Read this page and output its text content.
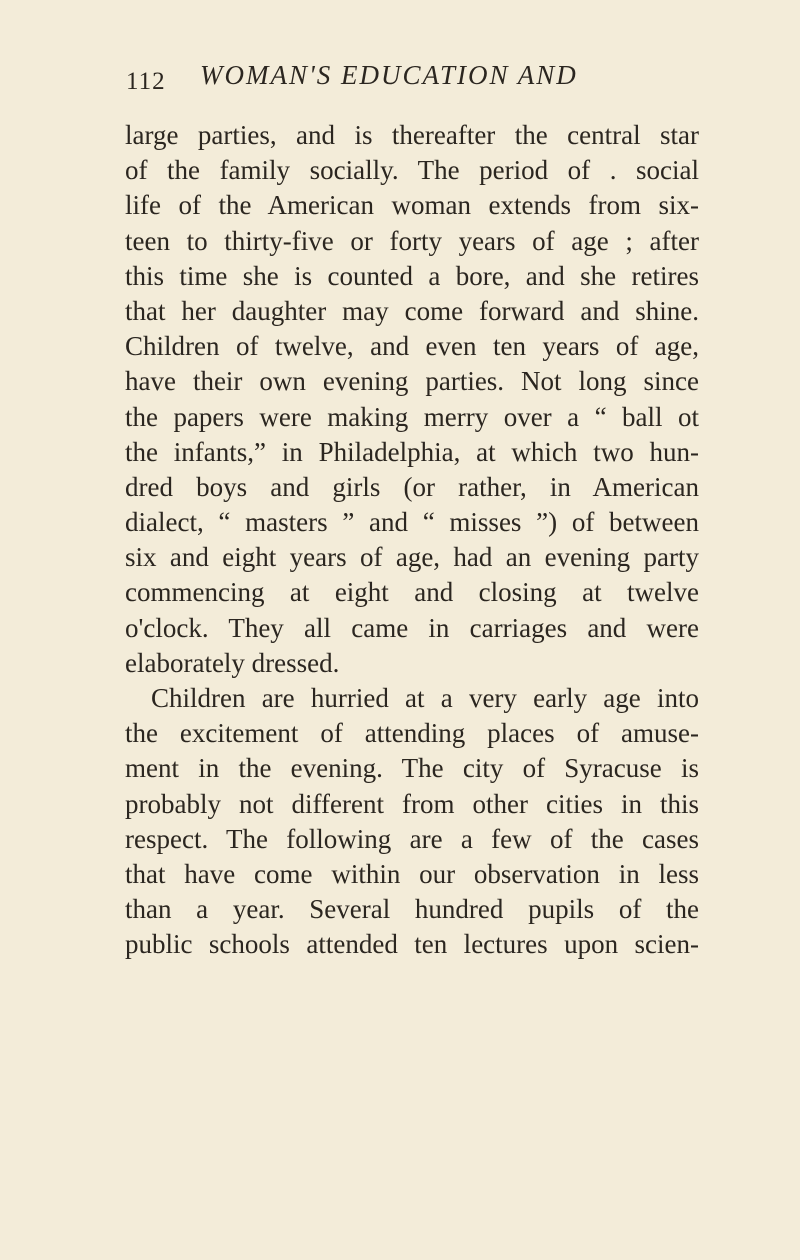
112 WOMAN'S EDUCATION AND
large parties, and is thereafter the central star
of the family socially. The period of . social
life of the American woman extends from six-
teen to thirty-five or forty years of age ; after
this time she is counted a bore, and she retires
that her daughter may come forward and shine.
Children of twelve, and even ten years of age,
have their own evening parties. Not long since
the papers were making merry over a “ ball ot
the infants,” in Philadelphia, at which two hun-
dred boys and girls (or rather, in American
dialect, “ masters ” and “ misses ”) of between
six and eight years of age, had an evening party
commencing at eight and closing at twelve
o'clock. They all came in carriages and were
elaborately dressed.
Children are hurried at a very early age into
the excitement of attending places of amuse-
ment in the evening. The city of Syracuse is
probably not different from other cities in this
respect. The following are a few of the cases
that have come within our observation in less
than a year. Several hundred pupils of the
public schools attended ten lectures upon scien-
